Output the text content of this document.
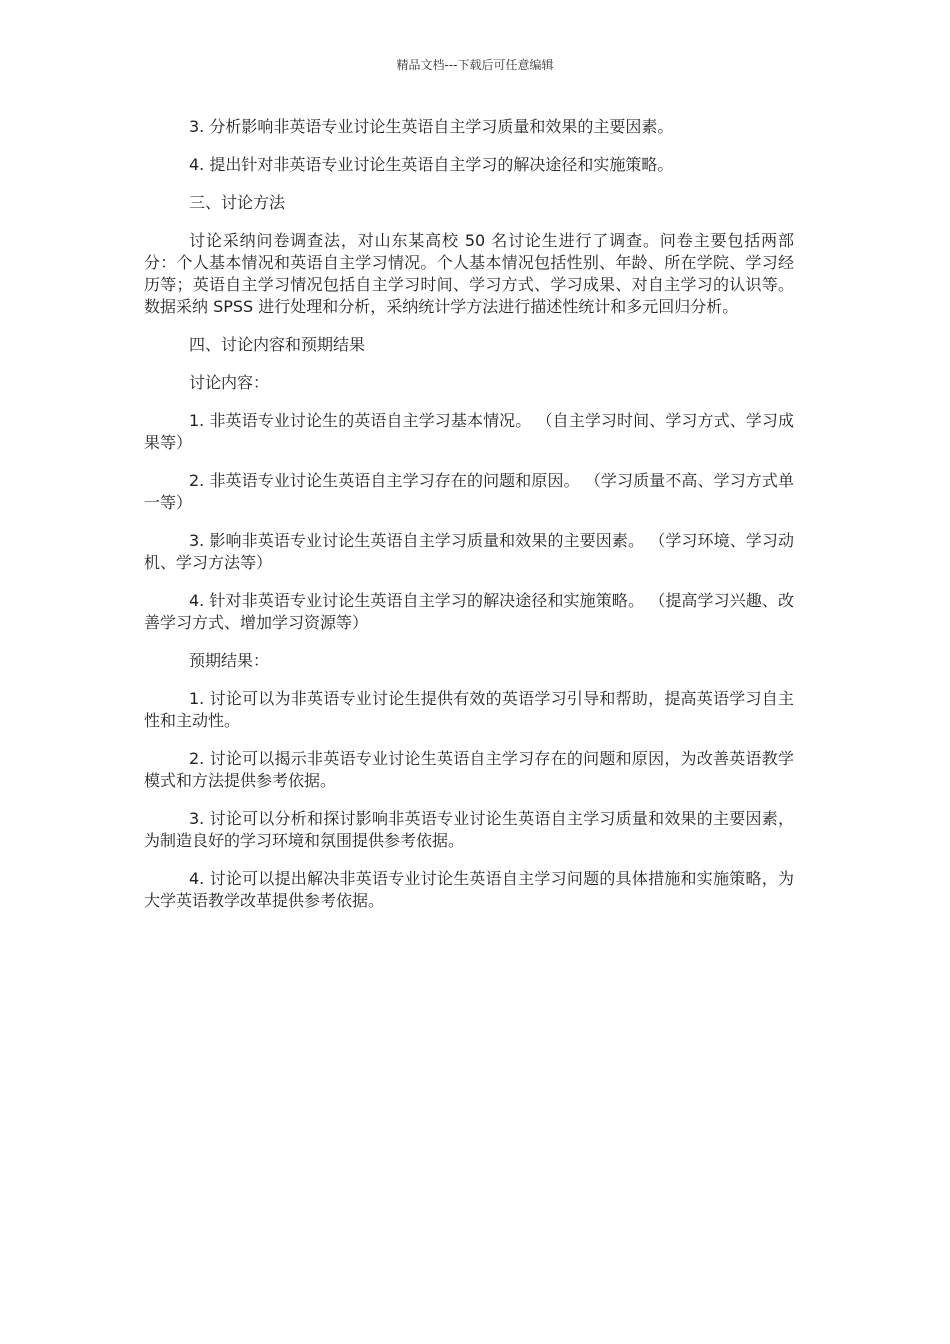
精品文档---下载后可任意编辑

3. 分析影响非英语专业讨论生英语自主学习质量和效果的主要因素。

4. 提出针对非英语专业讨论生英语自主学习的解决途径和实施策略。

三、讨论方法

讨论采纳问卷调查法，对山东某高校 50 名讨论生进行了调查。问卷主要包括两部分：个人基本情况和英语自主学习情况。个人基本情况包括性别、年龄、所在学院、学习经历等；英语自主学习情况包括自主学习时间、学习方式、学习成果、对自主学习的认识等。数据采纳 SPSS 进行处理和分析，采纳统计学方法进行描述性统计和多元回归分析。

四、讨论内容和预期结果

讨论内容：

1. 非英语专业讨论生的英语自主学习基本情况。 （自主学习时间、学习方式、学习成果等）

2. 非英语专业讨论生英语自主学习存在的问题和原因。 （学习质量不高、学习方式单一等）

3. 影响非英语专业讨论生英语自主学习质量和效果的主要因素。 （学习环境、学习动机、学习方法等）

4. 针对非英语专业讨论生英语自主学习的解决途径和实施策略。 （提高学习兴趣、改善学习方式、增加学习资源等）

预期结果：

1. 讨论可以为非英语专业讨论生提供有效的英语学习引导和帮助，提高英语学习自主性和主动性。

2. 讨论可以揭示非英语专业讨论生英语自主学习存在的问题和原因，为改善英语教学模式和方法提供参考依据。

3. 讨论可以分析和探讨影响非英语专业讨论生英语自主学习质量和效果的主要因素，为制造良好的学习环境和氛围提供参考依据。

4. 讨论可以提出解决非英语专业讨论生英语自主学习问题的具体措施和实施策略，为大学英语教学改革提供参考依据。
